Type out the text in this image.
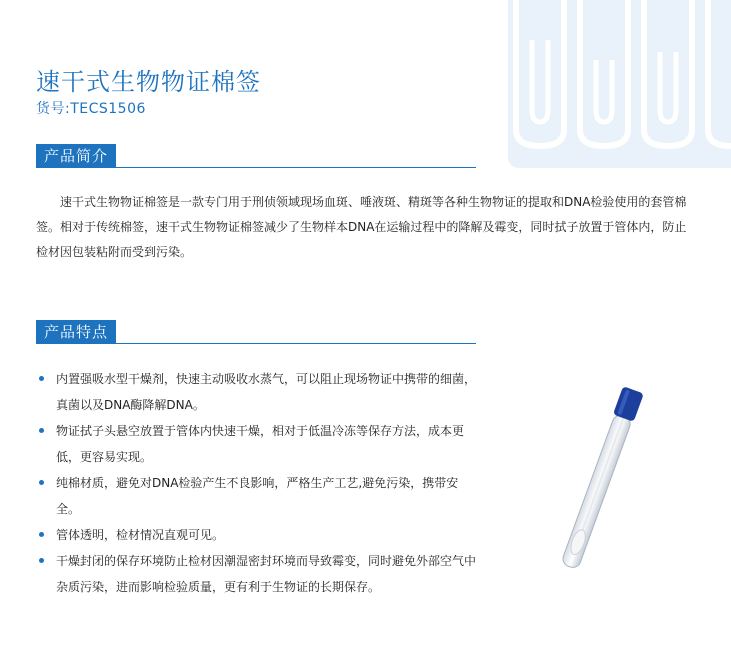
速干式生物物证棉签
货号:TECS1506
产品简介

速干式生物物证棉签是一款专门用于刑侦领域现场血斑、唾液斑、精斑等各种生物物证的提取和DNA检验使用的套管棉签。相对于传统棉签，速干式生物物证棉签减少了生物样本DNA在运输过程中的降解及霉变，同时拭子放置于管体内，防止检材因包装粘附而受到污染。

产品特点
内置强吸水型干燥剂，快速主动吸收水蒸气，可以阻止现场物证中携带的细菌，真菌以及DNA酶降解DNA。
物证拭子头悬空放置于管体内快速干燥，相对于低温冷冻等保存方法，成本更低，更容易实现。
纯棉材质，避免对DNA检验产生不良影响，严格生产工艺,避免污染，携带安全。
管体透明，检材情况直观可见。
干燥封闭的保存环境防止检材因潮湿密封环境而导致霉变，同时避免外部空气中杂质污染，进而影响检验质量，更有利于生物证的长期保存。
